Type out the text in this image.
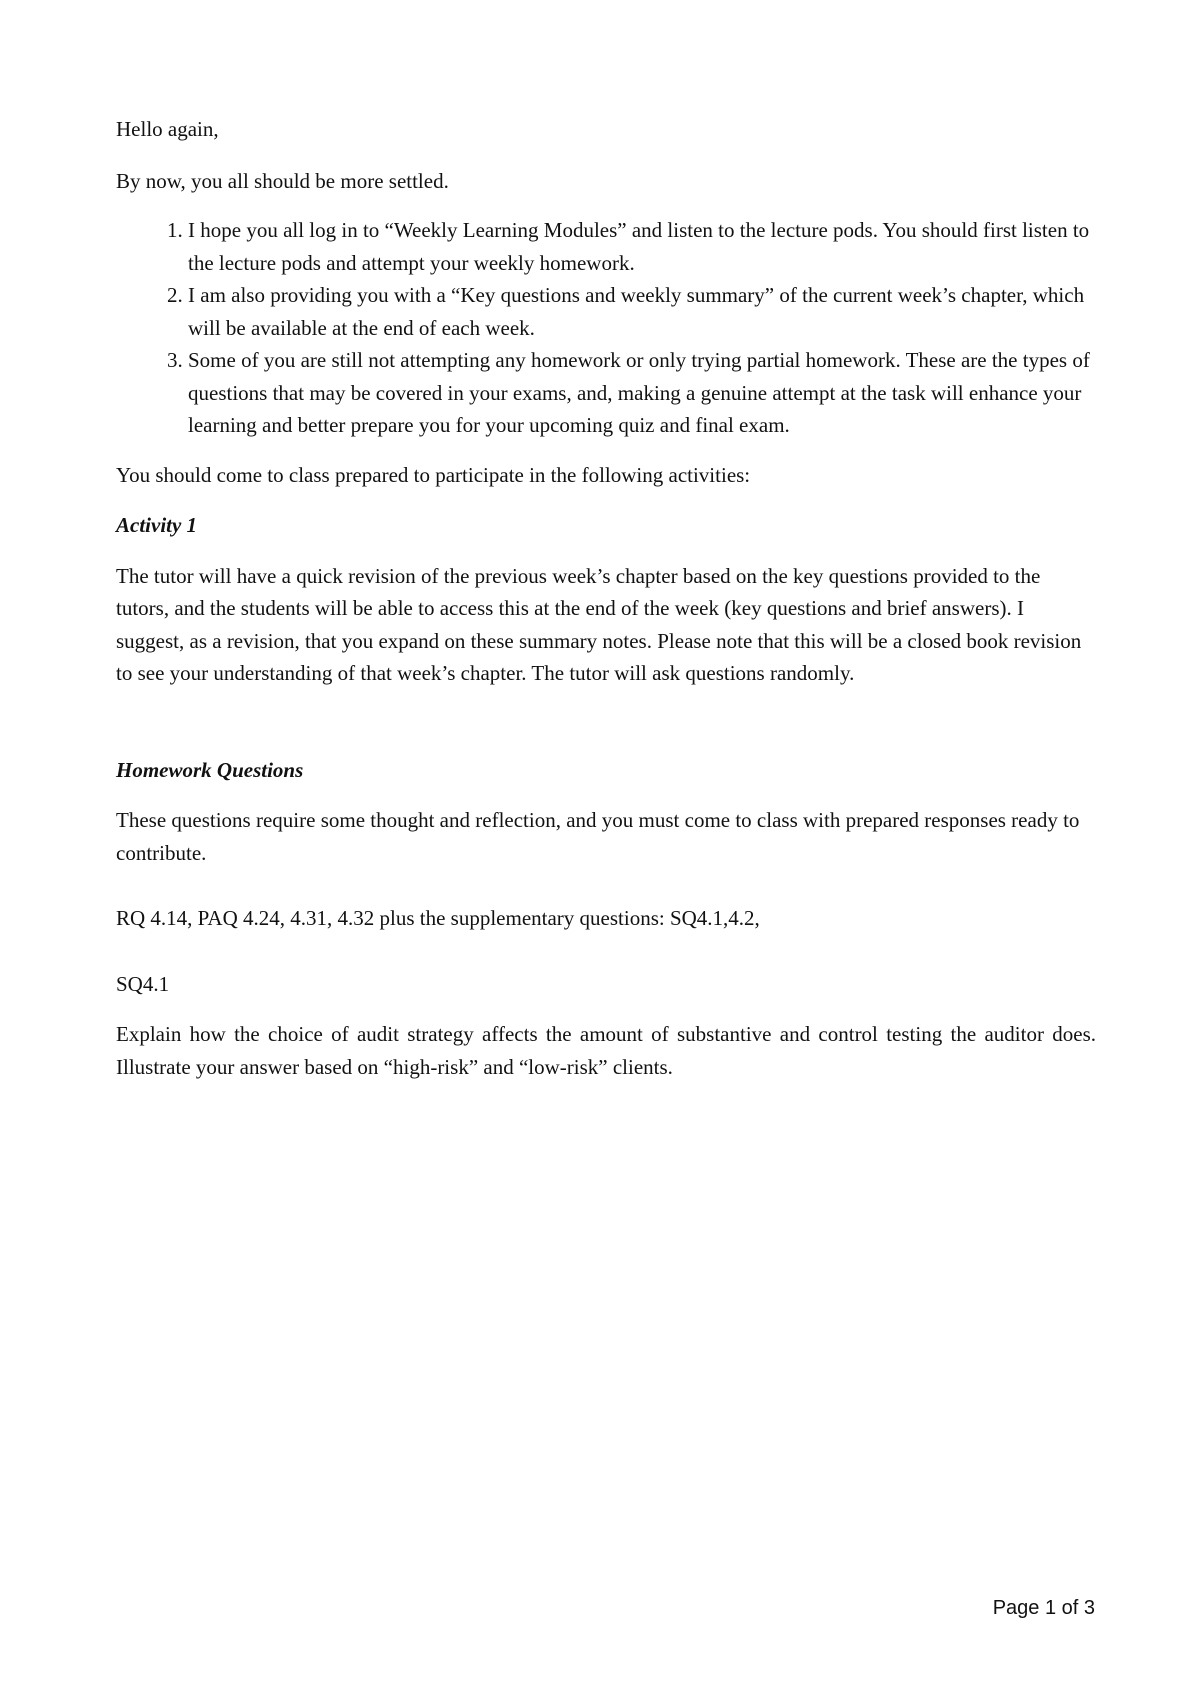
Hello again,

By now, you all should be more settled.

1. I hope you all log in to “Weekly Learning Modules” and listen to the lecture pods. You should first listen to the lecture pods and attempt your weekly homework.
2. I am also providing you with a “Key questions and weekly summary” of the current week’s chapter, which will be available at the end of each week.
3. Some of you are still not attempting any homework or only trying partial homework. These are the types of questions that may be covered in your exams, and, making a genuine attempt at the task will enhance your learning and better prepare you for your upcoming quiz and final exam.

You should come to class prepared to participate in the following activities:

Activity 1

The tutor will have a quick revision of the previous week’s chapter based on the key questions provided to the tutors, and the students will be able to access this at the end of the week (key questions and brief answers). I suggest, as a revision, that you expand on these summary notes. Please note that this will be a closed book revision to see your understanding of that week’s chapter. The tutor will ask questions randomly.

Homework Questions

These questions require some thought and reflection, and you must come to class with prepared responses ready to contribute.

RQ 4.14, PAQ 4.24, 4.31, 4.32 plus the supplementary questions: SQ4.1,4.2,

SQ4.1

Explain how the choice of audit strategy affects the amount of substantive and control testing the auditor does. Illustrate your answer based on “high-risk” and “low-risk” clients.

Page 1 of 3
